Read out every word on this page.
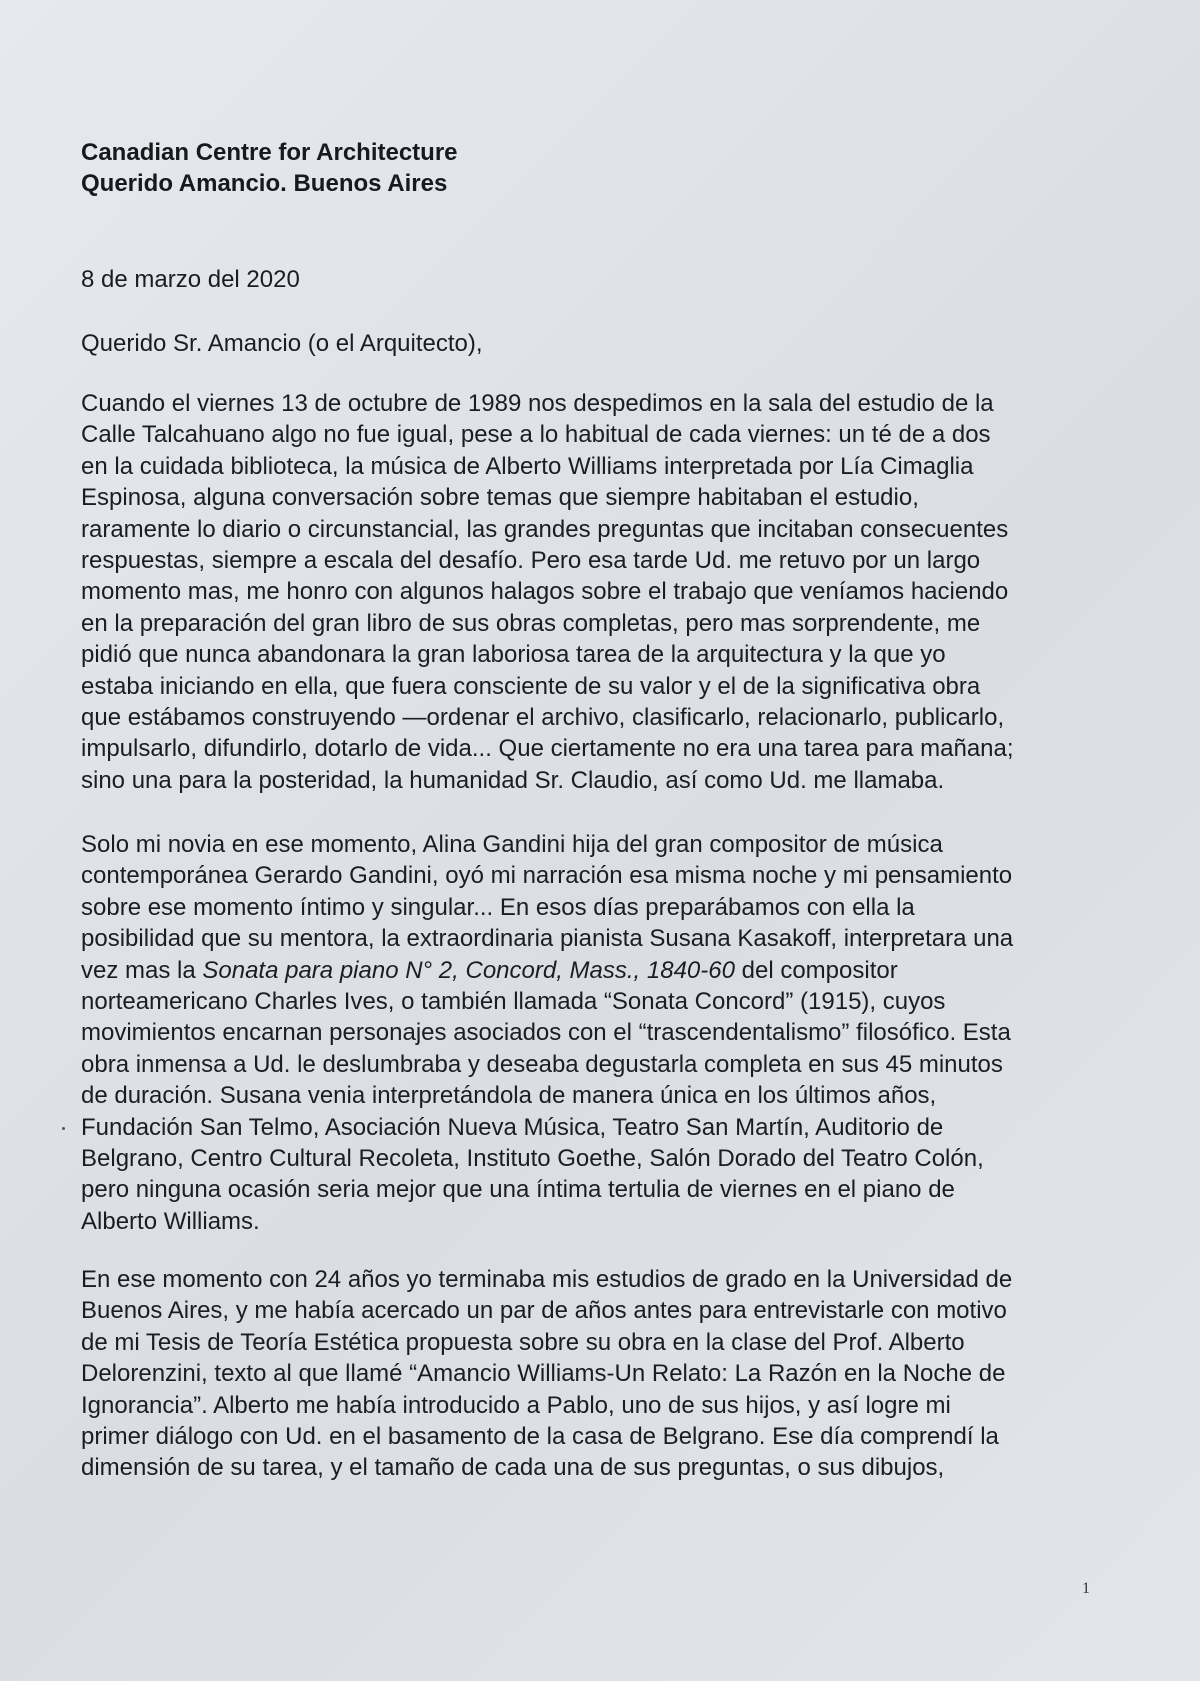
Canadian Centre for Architecture
Querido Amancio. Buenos Aires
8 de marzo del 2020
Querido Sr. Amancio (o el Arquitecto),
Cuando el viernes 13 de octubre de 1989 nos despedimos en la sala del estudio de la
Calle Talcahuano algo no fue igual, pese a lo habitual de cada viernes: un té de a dos
en la cuidada biblioteca, la música de Alberto Williams interpretada por Lía Cimaglia
Espinosa, alguna conversación sobre temas que siempre habitaban el estudio,
raramente lo diario o circunstancial, las grandes preguntas que incitaban consecuentes
respuestas, siempre a escala del desafío. Pero esa tarde Ud. me retuvo por un largo
momento mas, me honro con algunos halagos sobre el trabajo que veníamos haciendo
en la preparación del gran libro de sus obras completas, pero mas sorprendente, me
pidió que nunca abandonara la gran laboriosa tarea de la arquitectura y la que yo
estaba iniciando en ella, que fuera consciente de su valor y el de la significativa obra
que estábamos construyendo —ordenar el archivo, clasificarlo, relacionarlo, publicarlo,
impulsarlo, difundirlo, dotarlo de vida... Que ciertamente no era una tarea para mañana;
sino una para la posteridad, la humanidad Sr. Claudio, así como Ud. me llamaba.
Solo mi novia en ese momento, Alina Gandini hija del gran compositor de música
contemporánea Gerardo Gandini, oyó mi narración esa misma noche y mi pensamiento
sobre ese momento íntimo y singular... En esos días preparábamos con ella la
posibilidad que su mentora, la extraordinaria pianista Susana Kasakoff, interpretara una
vez mas la Sonata para piano N° 2, Concord, Mass., 1840-60 del compositor
norteamericano Charles Ives, o también llamada “Sonata Concord” (1915), cuyos
movimientos encarnan personajes asociados con el “trascendentalismo” filosófico. Esta
obra inmensa a Ud. le deslumbraba y deseaba degustarla completa en sus 45 minutos
de duración. Susana venia interpretándola de manera única en los últimos años,
Fundación San Telmo, Asociación Nueva Música, Teatro San Martín, Auditorio de
Belgrano, Centro Cultural Recoleta, Instituto Goethe, Salón Dorado del Teatro Colón,
pero ninguna ocasión seria mejor que una íntima tertulia de viernes en el piano de
Alberto Williams.
En ese momento con 24 años yo terminaba mis estudios de grado en la Universidad de
Buenos Aires, y me había acercado un par de años antes para entrevistarle con motivo
de mi Tesis de Teoría Estética propuesta sobre su obra en la clase del Prof. Alberto
Delorenzini, texto al que llamé “Amancio Williams-Un Relato: La Razón en la Noche de
Ignorancia”. Alberto me había introducido a Pablo, uno de sus hijos, y así logre mi
primer diálogo con Ud. en el basamento de la casa de Belgrano. Ese día comprendí la
dimensión de su tarea, y el tamaño de cada una de sus preguntas, o sus dibujos,
1
